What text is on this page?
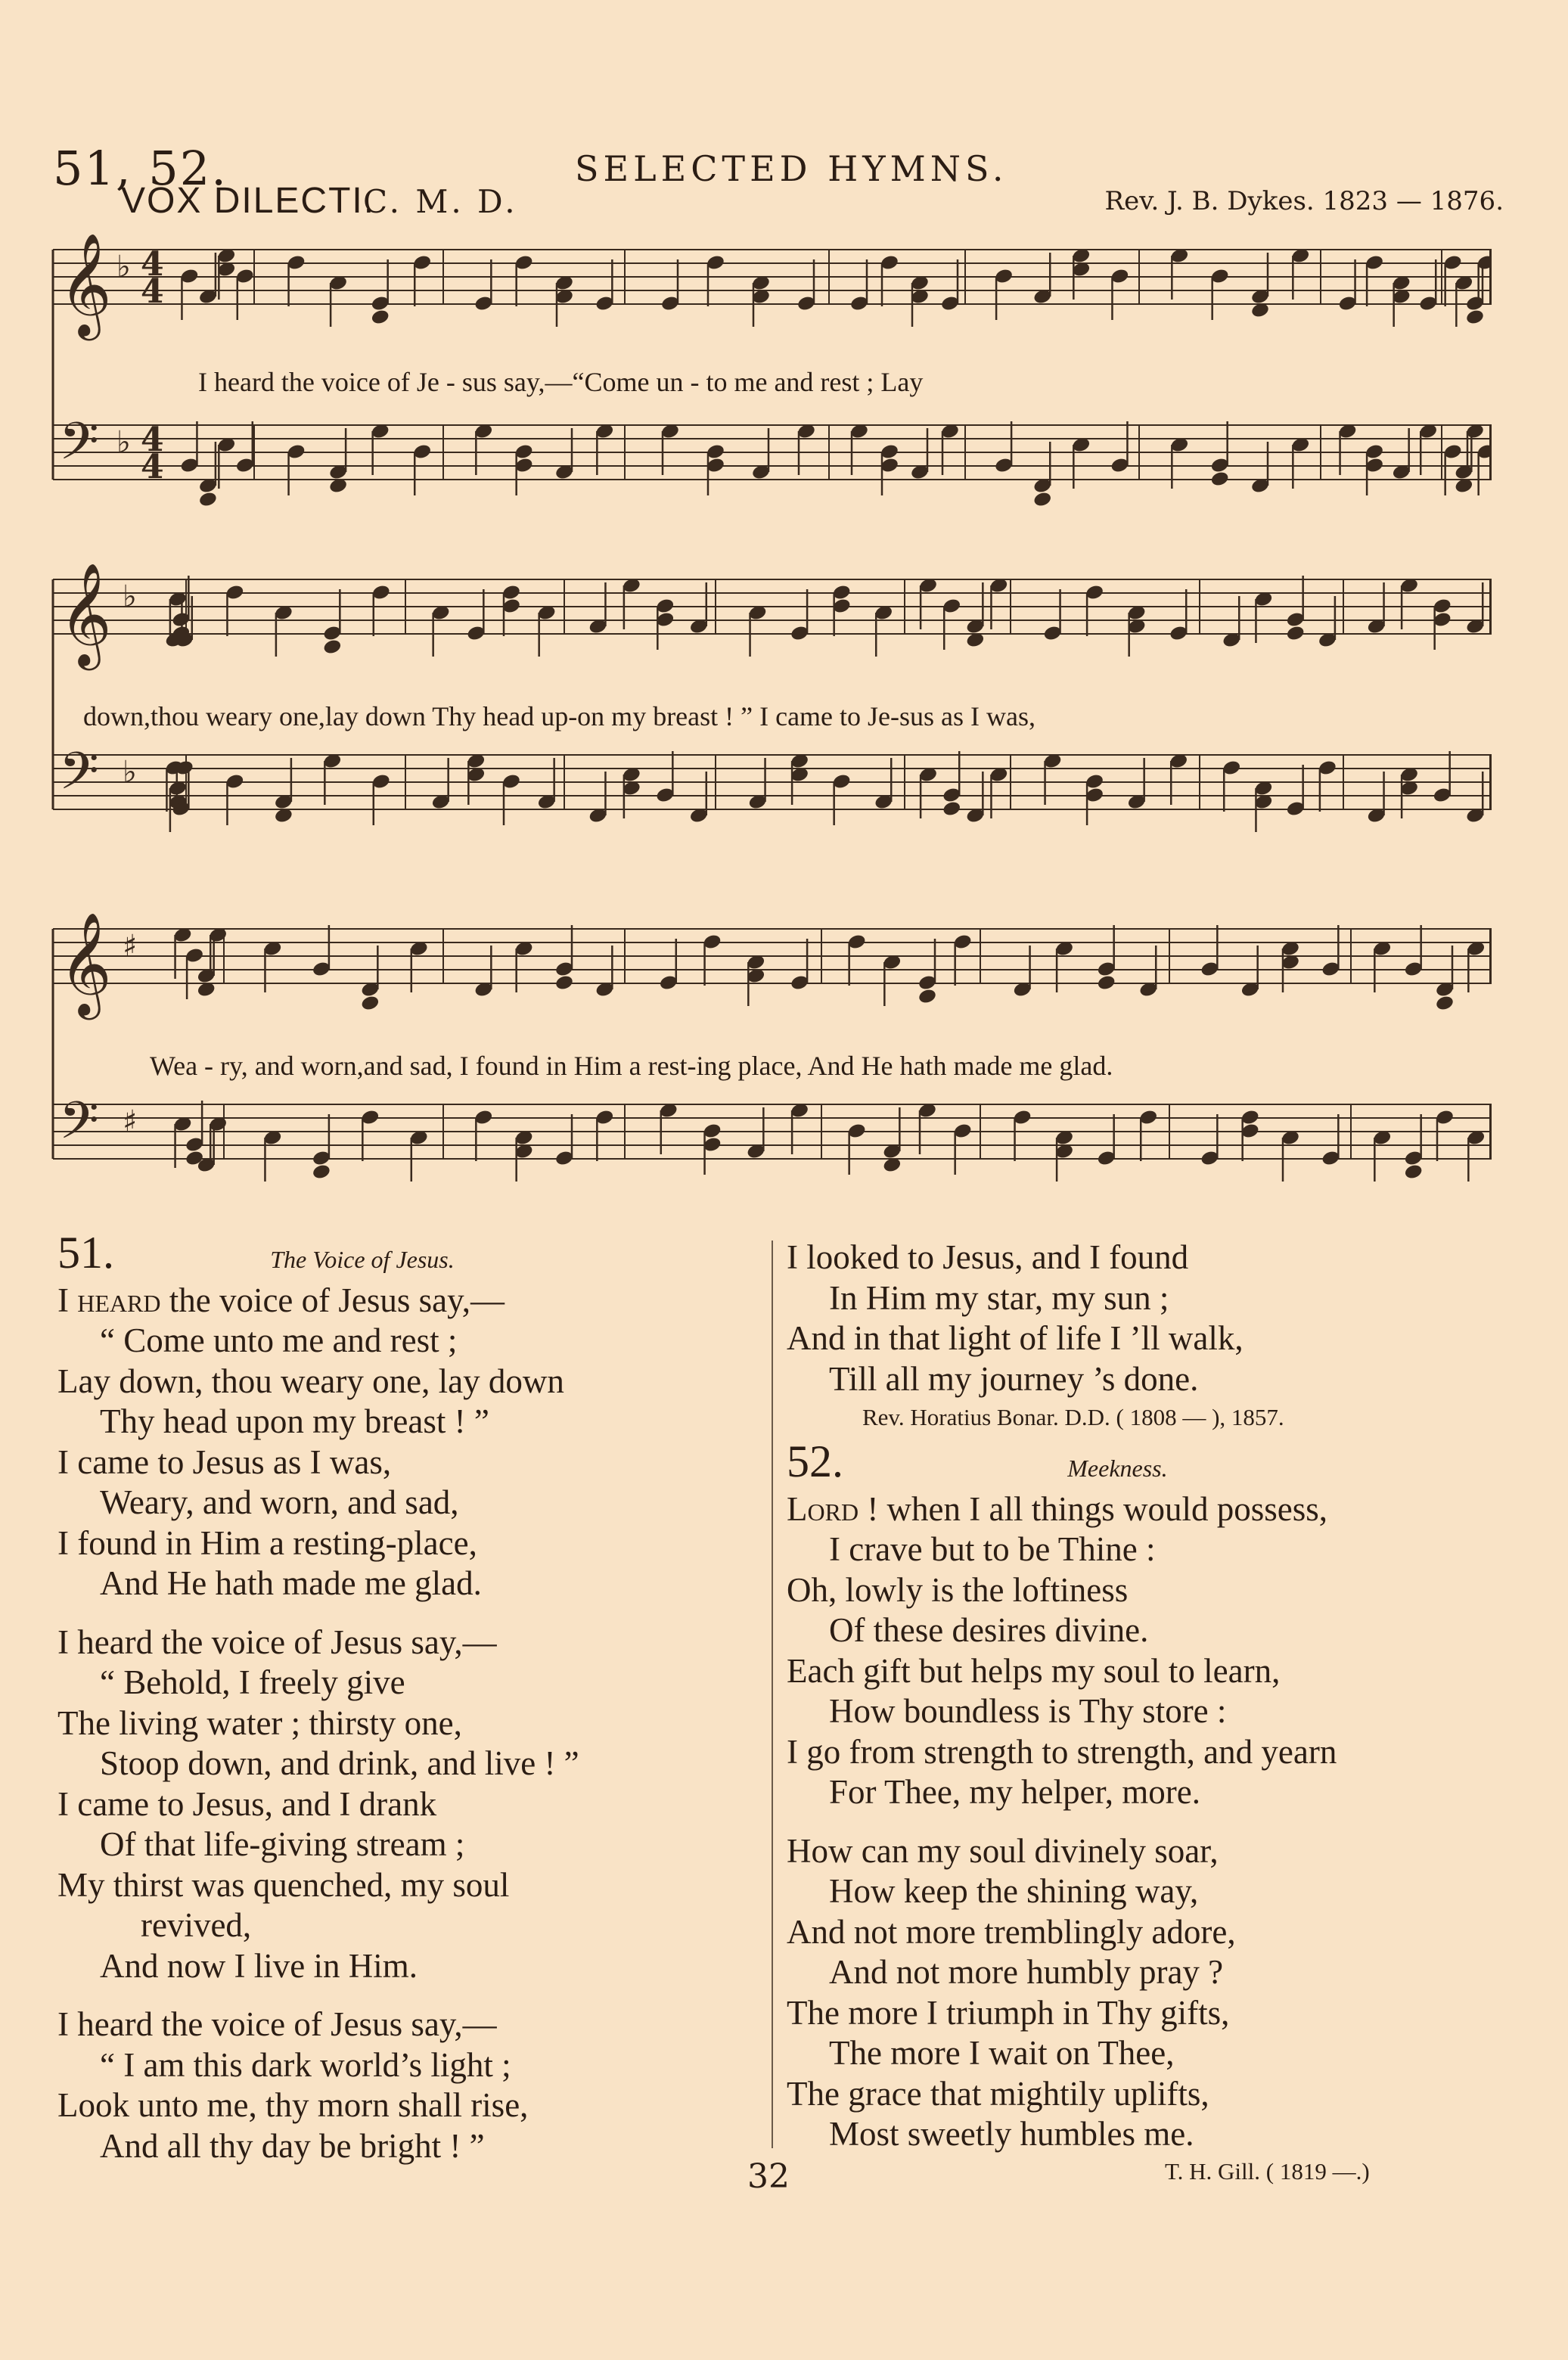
51, 52.	SELECTED HYMNS.
VOX DILECTI.
C. M. D.	Rev. J. B. Dykes. 1823 — 1876.
𝄞 4
4
♭
𝄢 4
4
♭
I heard the voice of Je - sus say,—“Come un - to me and rest ; Lay
𝄞 ♭
𝄢 ♭
down,thou weary one,lay down Thy head up-on my breast ! ” I came to Je-sus as I was,
𝄞 ♯
𝄢 ♯
Wea - ry, and worn,and sad, I found in Him a rest-ing place, And He hath made me glad.
51.	The Voice of Jesus.
I heard the voice of Jesus say,—
“ Come unto me and rest ;
Lay down, thou weary one, lay down
Thy head upon my breast ! ”
I came to Jesus as I was,
Weary, and worn, and sad,
I found in Him a resting-place,
And He hath made me glad.
I heard the voice of Jesus say,—
“ Behold, I freely give
The living water ; thirsty one,
Stoop down, and drink, and live ! ”
I came to Jesus, and I drank
Of that life-giving stream ;
My thirst was quenched, my soul
revived,
And now I live in Him.
I heard the voice of Jesus say,—
“ I am this dark world’s light ;
Look unto me, thy morn shall rise,
And all thy day be bright ! ”
I looked to Jesus, and I found
In Him my star, my sun ;
And in that light of life I ’ll walk,
Till all my journey ’s done.
Rev. Horatius Bonar. D.D. ( 1808 — ), 1857.
52.	Meekness.
Lord ! when I all things would possess,
I crave but to be Thine :
Oh, lowly is the loftiness
Of these desires divine.
Each gift but helps my soul to learn,
How boundless is Thy store :
I go from strength to strength, and yearn
For Thee, my helper, more.
How can my soul divinely soar,
How keep the shining way,
And not more tremblingly adore,
And not more humbly pray ?
The more I triumph in Thy gifts,
The more I wait on Thee,
The grace that mightily uplifts,
Most sweetly humbles me.
T. H. Gill. ( 1819 —.)
32
